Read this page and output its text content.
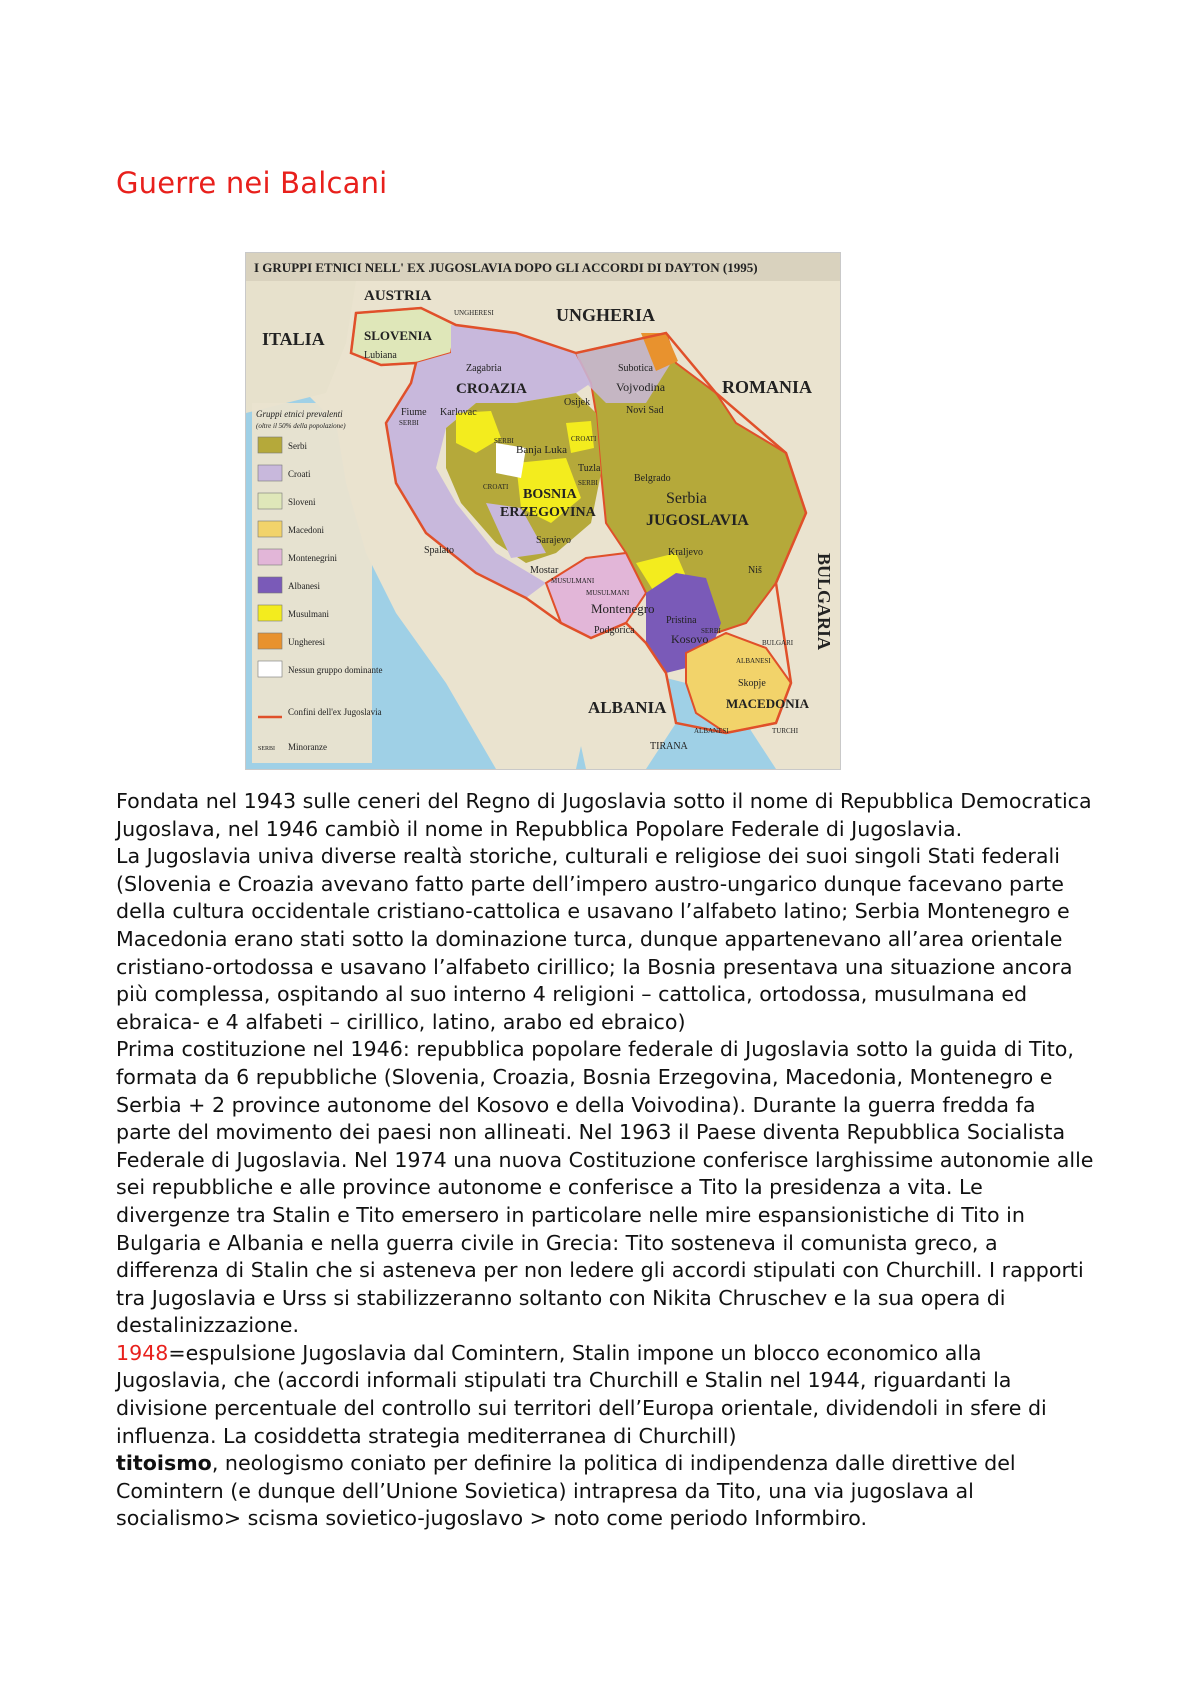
Guerre nei Balcani
I GRUPPI ETNICI NELL' EX JUGOSLAVIA DOPO GLI ACCORDI DI DAYTON (1995)
AUSTRIA
UNGHERIA
ITALIA
ROMANIA
SLOVENIA
CROAZIA
BOSNIA
ERZEGOVINA
Serbia
JUGOSLAVIA
Montenegro
Kosovo
MACEDONIA
ALBANIA
Vojvodina
BULGARIA
Lubiana
Zagabria
Fiume Karlovac
Osijek
Subotica
Novi Sad
Banja Luka
Tuzla
Belgrado
Spalato
Sarajevo
Kraljevo
Mostar	Niš
Podgorica
Pristina
Skopje
TIRANA
UNGHERESI
SERBI
SERBI
SERBI
SERBI
CROATI
CROATI
MUSULMANI
MUSULMANI
BULGARI
ALBANESI
ALBANESI	TURCHI
Gruppi etnici prevalenti
(oltre il 50% della popolazione)
Serbi
Croati
Sloveni
Macedoni
Montenegrini
Albanesi
Musulmani
Ungheresi
Nessun gruppo dominante
Confini dell'ex Jugoslavia
SERBI Minoranze

Fondata nel 1943 sulle ceneri del Regno di Jugoslavia sotto il nome di Repubblica Democratica Jugoslava, nel 1946 cambiò il nome in Repubblica Popolare Federale di Jugoslavia.

La Jugoslavia univa diverse realtà storiche, culturali e religiose dei suoi singoli Stati federali (Slovenia e Croazia avevano fatto parte dell’impero austro-ungarico dunque facevano parte della cultura occidentale cristiano-cattolica e usavano l’alfabeto latino; Serbia Montenegro e Macedonia erano stati sotto la dominazione turca, dunque appartenevano all’area orientale cristiano-ortodossa e usavano l’alfabeto cirillico; la Bosnia presentava una situazione ancora più complessa, ospitando al suo interno 4 religioni – cattolica, ortodossa, musulmana ed ebraica- e 4 alfabeti – cirillico, latino, arabo ed ebraico)

Prima costituzione nel 1946: repubblica popolare federale di Jugoslavia sotto la guida di Tito, formata da 6 repubbliche (Slovenia, Croazia, Bosnia Erzegovina, Macedonia, Montenegro e Serbia + 2 province autonome del Kosovo e della Voivodina). Durante la guerra fredda fa parte del movimento dei paesi non allineati. Nel 1963 il Paese diventa Repubblica Socialista Federale di Jugoslavia. Nel 1974 una nuova Costituzione conferisce larghissime autonomie alle sei repubbliche e alle province autonome e conferisce a Tito la presidenza a vita. Le divergenze tra Stalin e Tito emersero in particolare nelle mire espansionistiche di Tito in Bulgaria e Albania e nella guerra civile in Grecia: Tito sosteneva il comunista greco, a differenza di Stalin che si asteneva per non ledere gli accordi stipulati con Churchill. I rapporti tra Jugoslavia e Urss si stabilizzeranno soltanto con Nikita Chruschev e la sua opera di destalinizzazione.

1948=espulsione Jugoslavia dal Comintern, Stalin impone un blocco economico alla Jugoslavia, che (accordi informali stipulati tra Churchill e Stalin nel 1944, riguardanti la divisione percentuale del controllo sui territori dell’Europa orientale, dividendoli in sfere di influenza. La cosiddetta strategia mediterranea di Churchill)

titoismo, neologismo coniato per definire la politica di indipendenza dalle direttive del Comintern (e dunque dell’Unione Sovietica) intrapresa da Tito, una via jugoslava al socialismo> scisma sovietico-jugoslavo > noto come periodo Informbiro.
